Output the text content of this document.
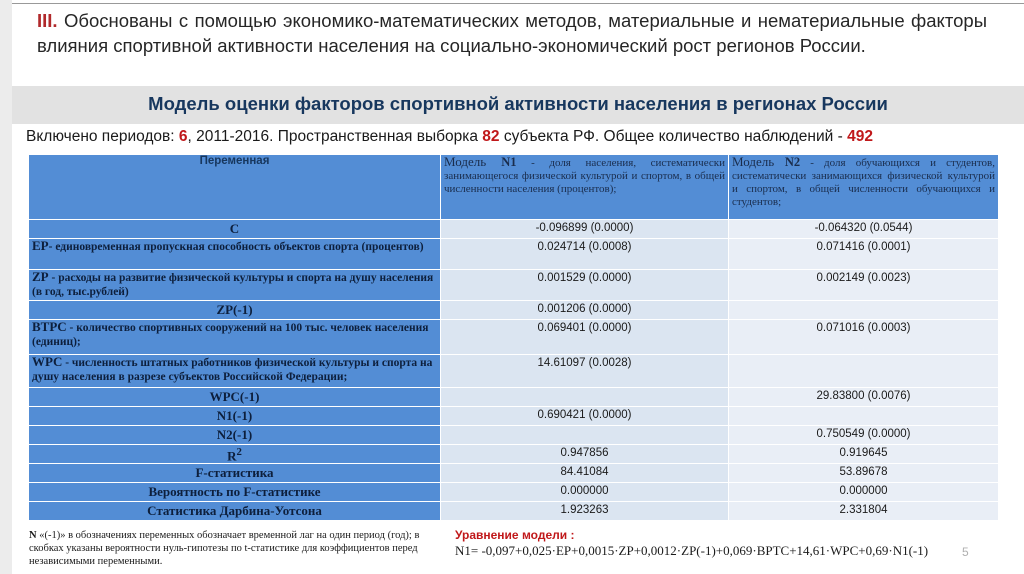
III. Обоснованы с помощью экономико-математических методов, материальные и нематериальные факторы влияния спортивной активности населения на социально-экономический рост регионов России.
Модель оценки факторов спортивной активности населения в регионах России
Включено периодов: 6, 2011-2016. Пространственная выборка 82 субъекта РФ. Общее количество наблюдений - 492
Переменная	Модель N1 - доля населения, систематически занимающегося физической культурой и спортом, в общей численности населения (процентов);	Модель N2 - доля обучающихся и студентов, систематически занимающихся физической культурой и спортом, в общей численности обучающихся и студентов;
C	-0.096899 (0.0000)	-0.064320 (0.0544)
EP- единовременная пропускная способность объектов спорта (процентов)	0.024714 (0.0008)	0.071416 (0.0001)
ZP - расходы на развитие физической культуры и спорта на душу населения (в год, тыс.рублей)	0.001529 (0.0000)	0.002149 (0.0023)
ZP(-1)	0.001206 (0.0000)	
BTPC - количество спортивных сооружений на 100 тыс. человек населения (единиц);	0.069401 (0.0000)	0.071016 (0.0003)
WPC - численность штатных работников физической культуры и спорта на душу населения в разрезе субъектов Российской Федерации;	14.61097 (0.0028)	
WPC(-1)		29.83800 (0.0076)
N1(-1)	0.690421 (0.0000)	
N2(-1)		0.750549 (0.0000)
$R^2$	0.947856	0.919645
F-статистика	84.41084	53.89678
Вероятность по F-статистике	0.000000	0.000000
Статистика Дарбина-Уотсона	1.923263	2.331804
N «(-1)» в обозначениях переменных обозначает временной лаг на один период (год); в скобках указаны вероятности нуль-гипотезы по t-статистике для коэффициентов перед независимыми переменными.
Уравнение модели :
N1= -0,097+0,025·EP+0,0015·ZP+0,0012·ZP(-1)+0,069·BPTC+14,61·WPC+0,69·N1(-1)	5
